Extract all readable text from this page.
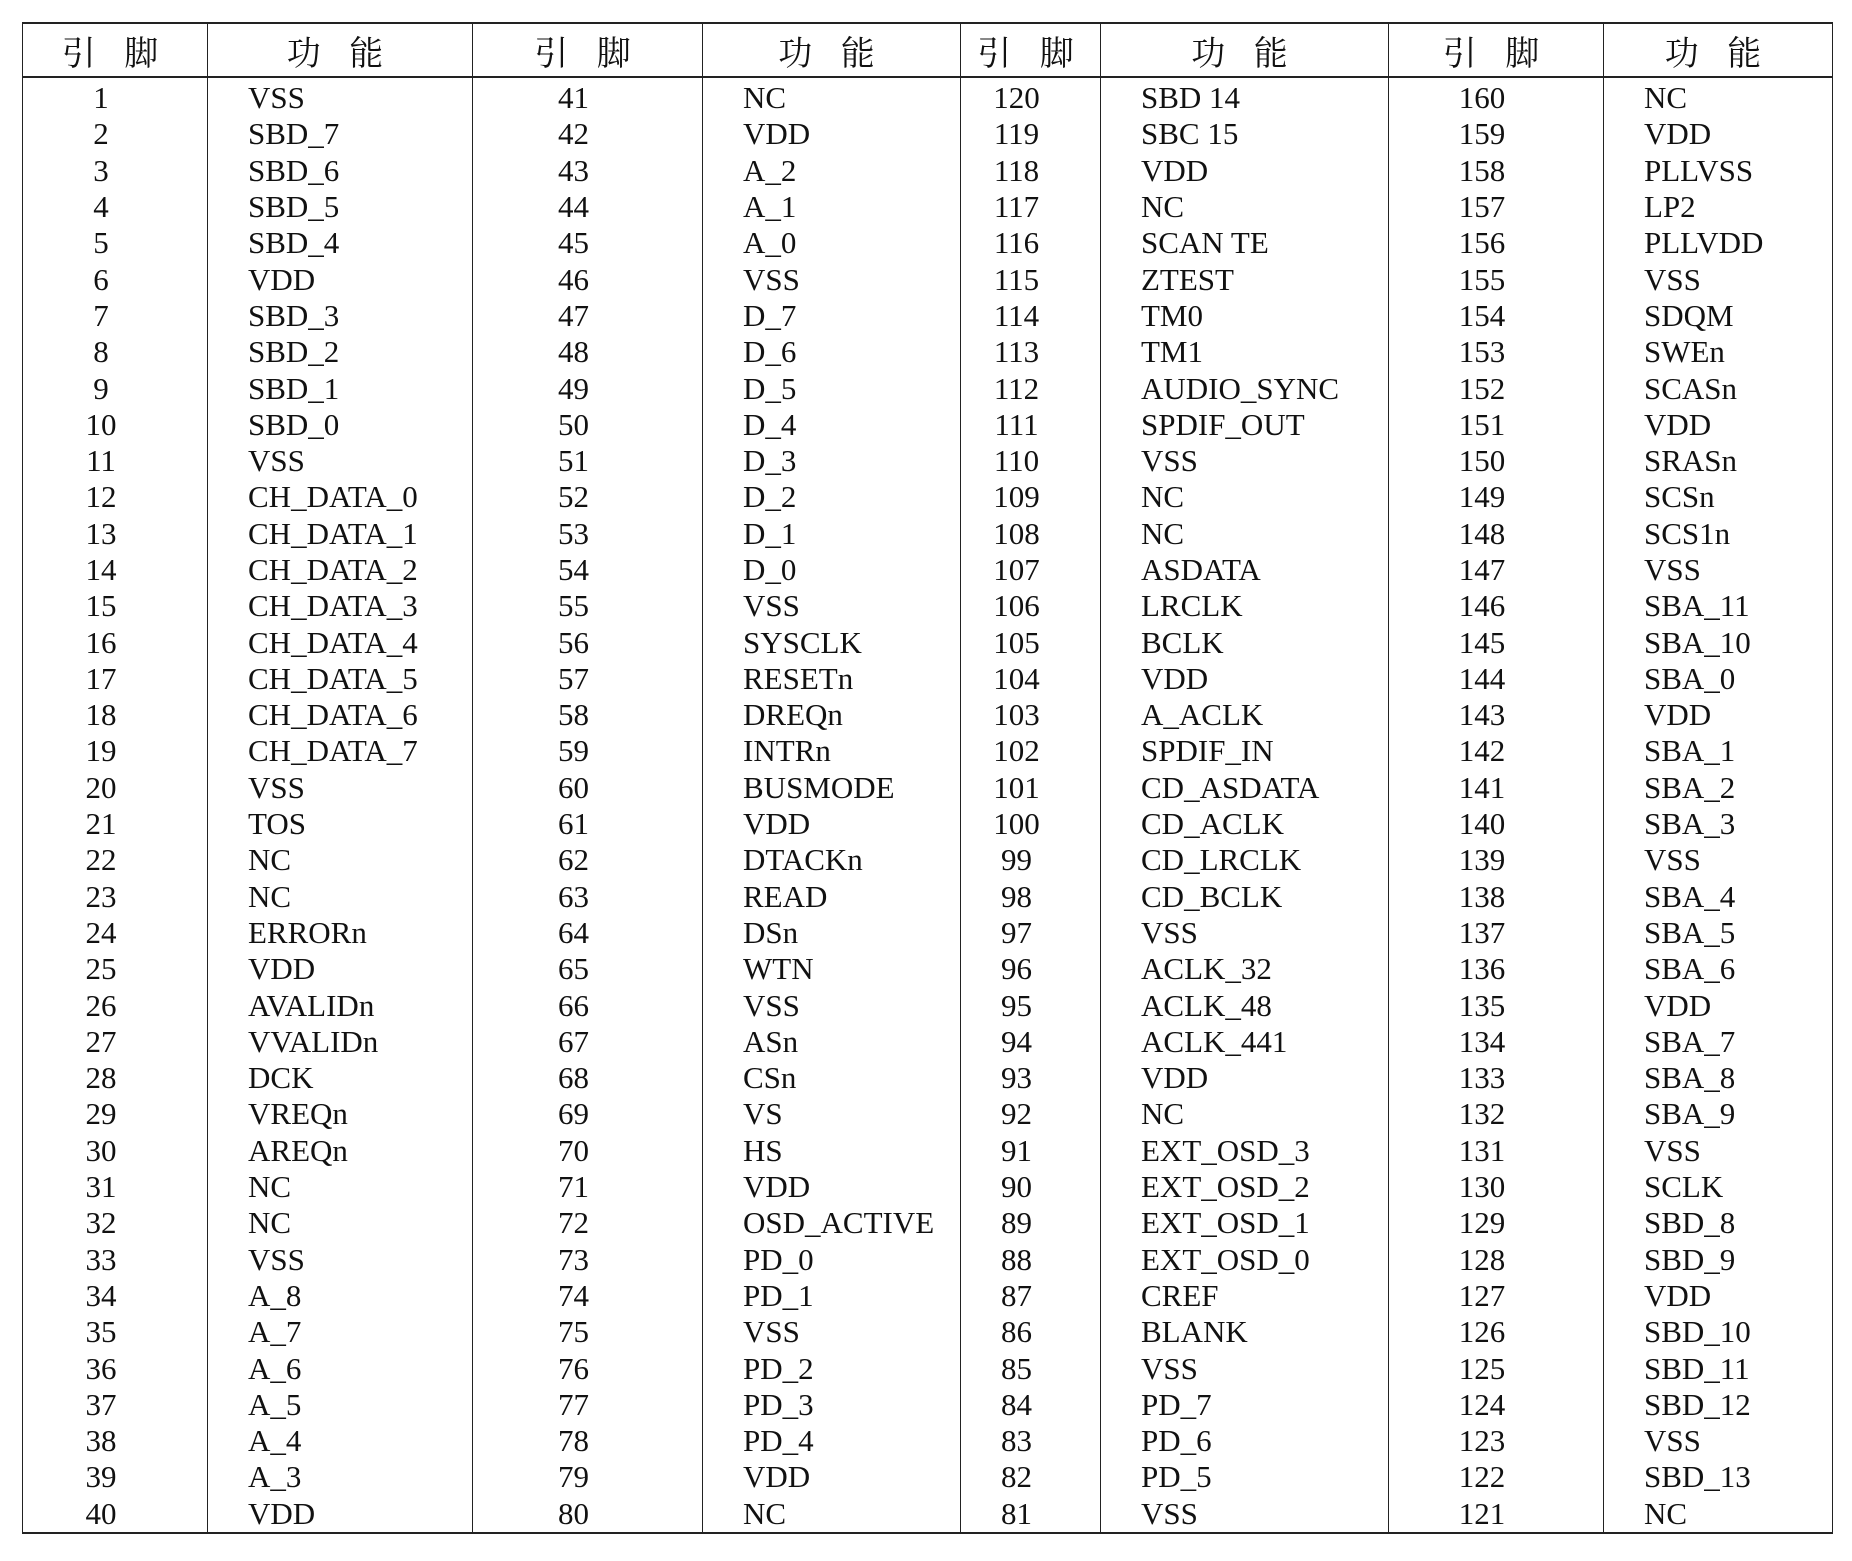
引 脚	功 能	引 脚	功 能	引 脚	功 能	引 脚	功 能
1	VSS	41	NC	120	SBD 14	160	NC
2	SBD_7	42	VDD	119	SBC 15	159	VDD
3	SBD_6	43	A_2	118	VDD	158	PLLVSS
4	SBD_5	44	A_1	117	NC	157	LP2
5	SBD_4	45	A_0	116	SCAN TE	156	PLLVDD
6	VDD	46	VSS	115	ZTEST	155	VSS
7	SBD_3	47	D_7	114	TM0	154	SDQM
8	SBD_2	48	D_6	113	TM1	153	SWEn
9	SBD_1	49	D_5	112	AUDIO_SYNC	152	SCASn
10	SBD_0	50	D_4	111	SPDIF_OUT	151	VDD
11	VSS	51	D_3	110	VSS	150	SRASn
12	CH_DATA_0	52	D_2	109	NC	149	SCSn
13	CH_DATA_1	53	D_1	108	NC	148	SCS1n
14	CH_DATA_2	54	D_0	107	ASDATA	147	VSS
15	CH_DATA_3	55	VSS	106	LRCLK	146	SBA_11
16	CH_DATA_4	56	SYSCLK	105	BCLK	145	SBA_10
17	CH_DATA_5	57	RESETn	104	VDD	144	SBA_0
18	CH_DATA_6	58	DREQn	103	A_ACLK	143	VDD
19	CH_DATA_7	59	INTRn	102	SPDIF_IN	142	SBA_1
20	VSS	60	BUSMODE	101	CD_ASDATA	141	SBA_2
21	TOS	61	VDD	100	CD_ACLK	140	SBA_3
22	NC	62	DTACKn	99	CD_LRCLK	139	VSS
23	NC	63	READ	98	CD_BCLK	138	SBA_4
24	ERRORn	64	DSn	97	VSS	137	SBA_5
25	VDD	65	WTN	96	ACLK_32	136	SBA_6
26	AVALIDn	66	VSS	95	ACLK_48	135	VDD
27	VVALIDn	67	ASn	94	ACLK_441	134	SBA_7
28	DCK	68	CSn	93	VDD	133	SBA_8
29	VREQn	69	VS	92	NC	132	SBA_9
30	AREQn	70	HS	91	EXT_OSD_3	131	VSS
31	NC	71	VDD	90	EXT_OSD_2	130	SCLK
32	NC	72	OSD_ACTIVE	89	EXT_OSD_1	129	SBD_8
33	VSS	73	PD_0	88	EXT_OSD_0	128	SBD_9
34	A_8	74	PD_1	87	CREF	127	VDD
35	A_7	75	VSS	86	BLANK	126	SBD_10
36	A_6	76	PD_2	85	VSS	125	SBD_11
37	A_5	77	PD_3	84	PD_7	124	SBD_12
38	A_4	78	PD_4	83	PD_6	123	VSS
39	A_3	79	VDD	82	PD_5	122	SBD_13
40	VDD	80	NC	81	VSS	121	NC
